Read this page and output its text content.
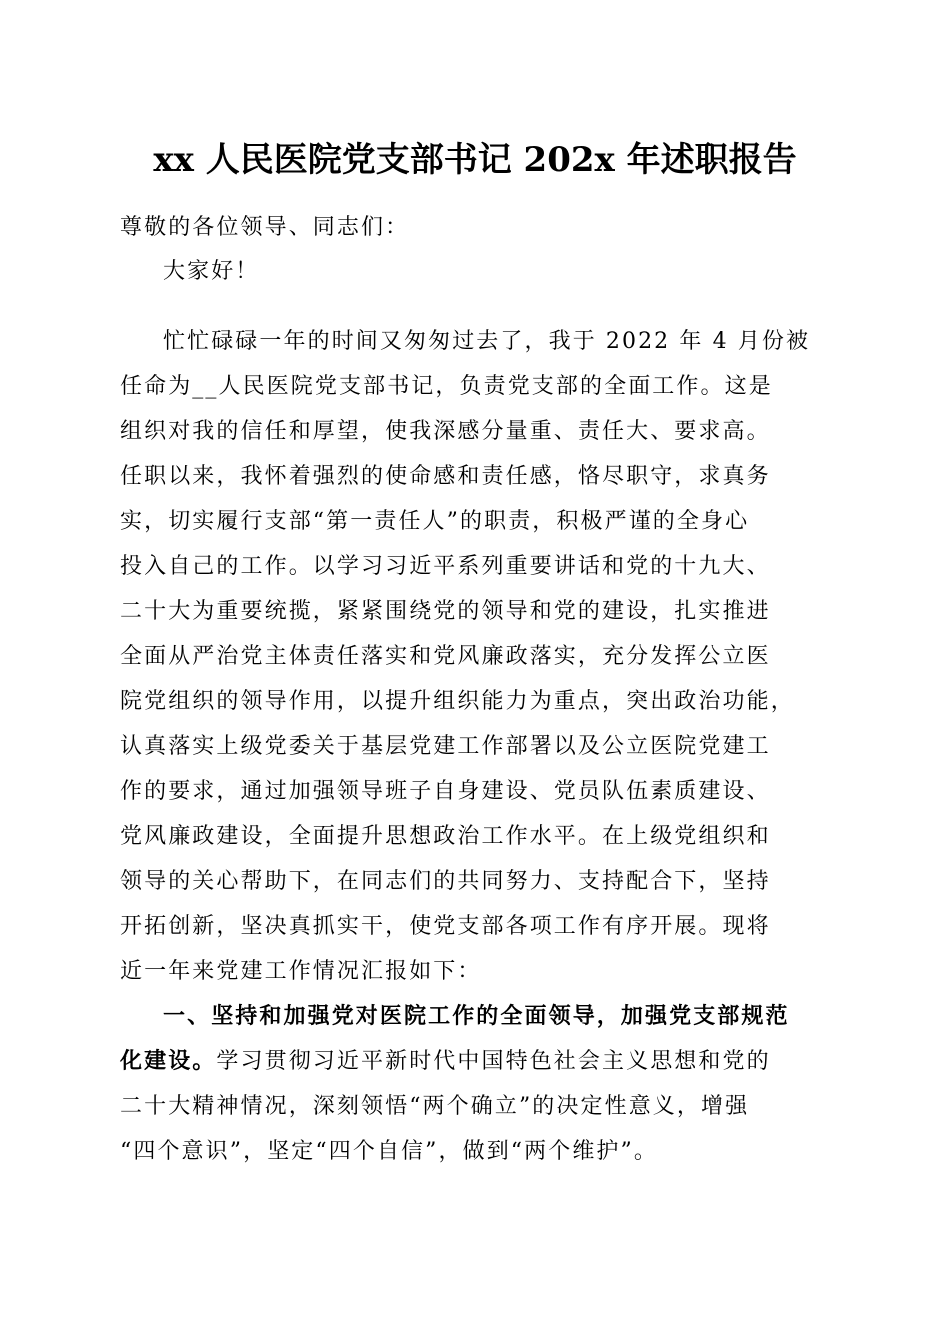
xx 人民医院党支部书记 202x 年述职报告
尊敬的各位领导、同志们：
大家好！
忙忙碌碌一年的时间又匆匆过去了，我于 2022 年 4 月份被
任命为__人民医院党支部书记，负责党支部的全面工作。这是
组织对我的信任和厚望，使我深感分量重、责任大、要求高。
任职以来，我怀着强烈的使命感和责任感，恪尽职守，求真务
实，切实履行支部“第一责任人”的职责，积极严谨的全身心
投入自己的工作。以学习习近平系列重要讲话和党的十九大、
二十大为重要统揽，紧紧围绕党的领导和党的建设，扎实推进
全面从严治党主体责任落实和党风廉政落实，充分发挥公立医
院党组织的领导作用，以提升组织能力为重点，突出政治功能，
认真落实上级党委关于基层党建工作部署以及公立医院党建工
作的要求，通过加强领导班子自身建设、党员队伍素质建设、
党风廉政建设，全面提升思想政治工作水平。在上级党组织和
领导的关心帮助下，在同志们的共同努力、支持配合下，坚持
开拓创新，坚决真抓实干，使党支部各项工作有序开展。现将
近一年来党建工作情况汇报如下：
一、坚持和加强党对医院工作的全面领导，加强党支部规范
化建设。学习贯彻习近平新时代中国特色社会主义思想和党的
二十大精神情况，深刻领悟“两个确立”的决定性意义，增强
“四个意识”，坚定“四个自信”，做到“两个维护”。
